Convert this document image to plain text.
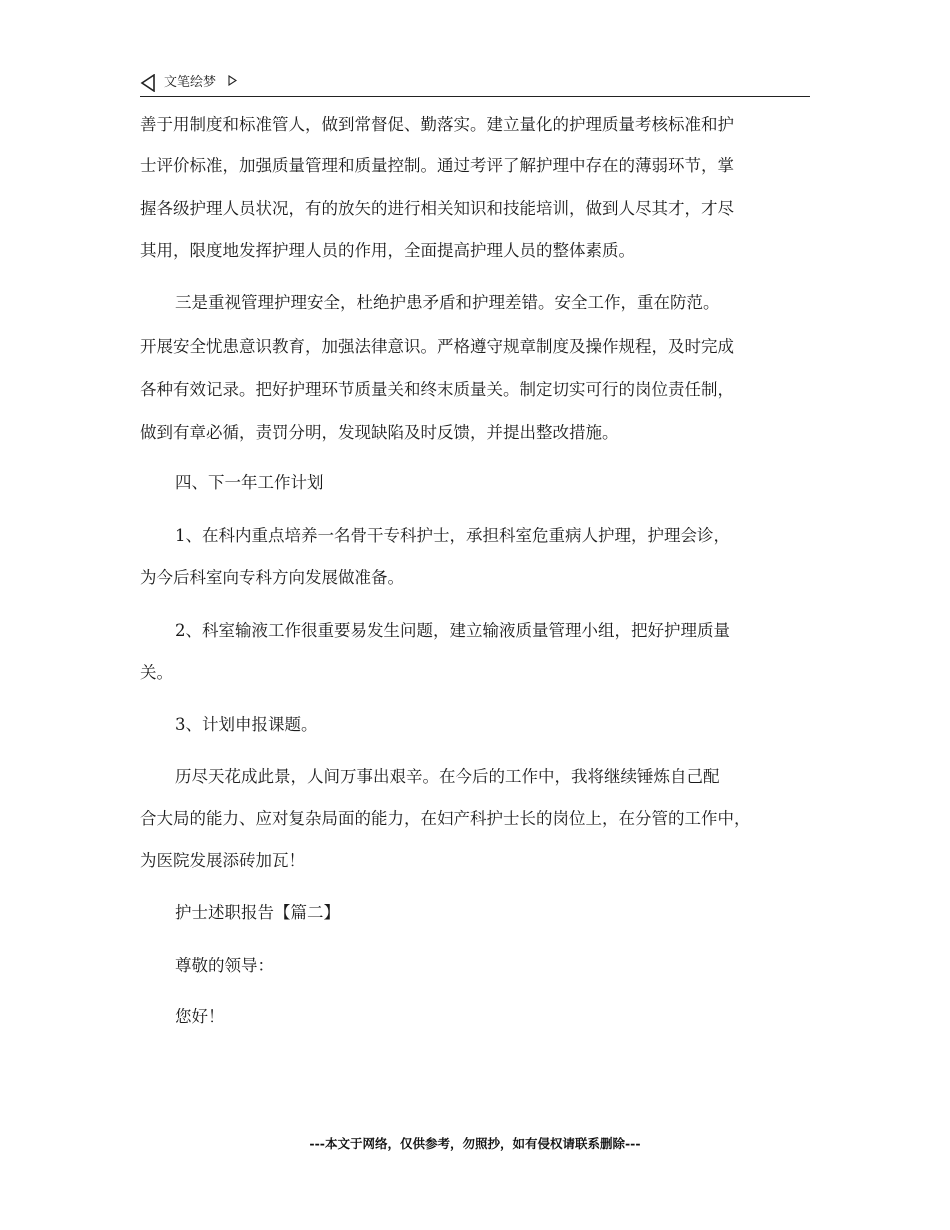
文笔绘梦
善于用制度和标准管人，做到常督促、勤落实。建立量化的护理质量考核标准和护
士评价标准，加强质量管理和质量控制。通过考评了解护理中存在的薄弱环节，掌
握各级护理人员状况，有的放矢的进行相关知识和技能培训，做到人尽其才，才尽
其用，限度地发挥护理人员的作用，全面提高护理人员的整体素质。
三是重视管理护理安全，杜绝护患矛盾和护理差错。安全工作，重在防范。
开展安全忧患意识教育，加强法律意识。严格遵守规章制度及操作规程，及时完成
各种有效记录。把好护理环节质量关和终末质量关。制定切实可行的岗位责任制，
做到有章必循，责罚分明，发现缺陷及时反馈，并提出整改措施。
四、下一年工作计划
1、在科内重点培养一名骨干专科护士，承担科室危重病人护理，护理会诊，
为今后科室向专科方向发展做准备。
2、科室输液工作很重要易发生问题，建立输液质量管理小组，把好护理质量
关。
3、计划申报课题。
历尽天花成此景，人间万事出艰辛。在今后的工作中，我将继续锤炼自己配
合大局的能力、应对复杂局面的能力，在妇产科护士长的岗位上，在分管的工作中，
为医院发展添砖加瓦！
护士述职报告【篇二】
尊敬的领导：
您好！
---本文于网络，仅供参考，勿照抄，如有侵权请联系删除---
